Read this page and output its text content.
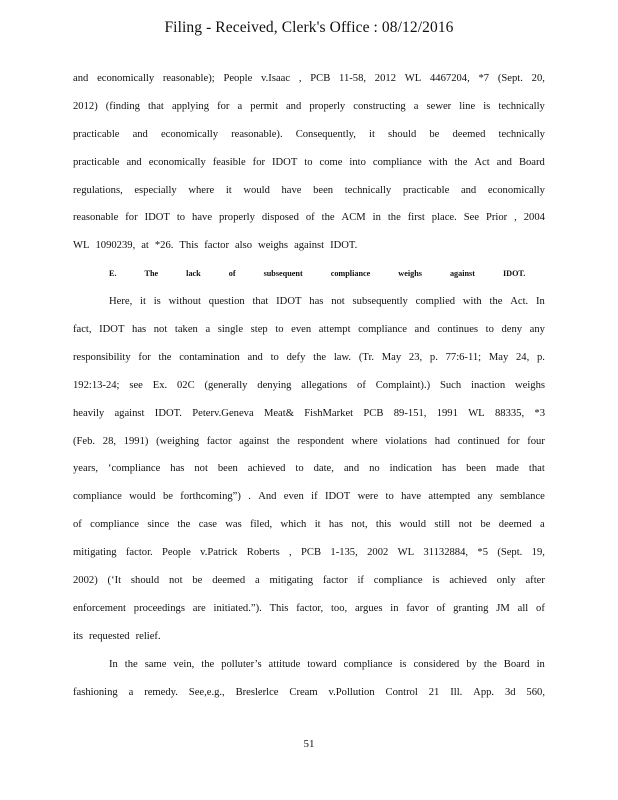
Filing - Received, Clerk's Office : 08/12/2016
and economically reasonable); People v.Isaac , PCB 11-58, 2012 WL 4467204, *7 (Sept. 20,
2012) (finding that applying for a permit and properly constructing a sewer line is technically
practicable and economically reasonable). Consequently, it should be deemed technically
practicable and economically feasible for IDOT to come into compliance with the Act and Board
regulations, especially where it would have been technically practicable and economically
reasonable for IDOT to have properly disposed of the ACM in the first place. See Prior , 2004
WL 1090239, at *26. This factor also weighs against IDOT.
E.	The	lack	of	subsequent	compliance	weighs	against	IDOT.
Here, it is without question that IDOT has not subsequently complied with the Act. In
fact, IDOT has not taken a single step to even attempt compliance and continues to deny any
responsibility for the contamination and to defy the law. (Tr. May 23, p. 77:6-11; May 24, p.
192:13-24; see Ex. 02C (generally denying allegations of Complaint).) Such inaction weighs
heavily against IDOT. Peterv.Geneva Meat& FishMarket PCB 89-151, 1991 WL 88335, *3
(Feb. 28, 1991) (weighing factor against the respondent where violations had continued for four
years, ‘compliance has not been achieved to date, and no indication has been made that
compliance would be forthcoming”) . And even if IDOT were to have attempted any semblance
of compliance since the case was filed, which it has not, this would still not be deemed a
mitigating factor. People v.Patrick Roberts , PCB 1-135, 2002 WL 31132884, *5 (Sept. 19,
2002) (‘It should not be deemed a mitigating factor if compliance is achieved only after
enforcement proceedings are initiated.”). This factor, too, argues in favor of granting JM all of
its requested relief.
In the same vein, the polluter’s attitude toward compliance is considered by the Board in
fashioning a remedy. See,e.g., Breslerlce Cream v.Pollution Control 21 Ill. App. 3d 560,
51
